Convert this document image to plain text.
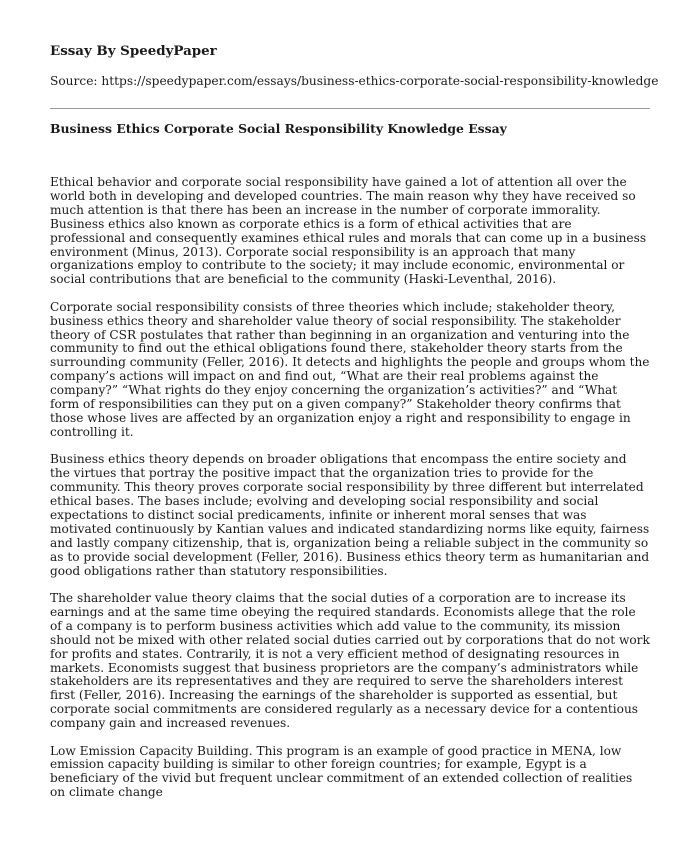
Essay By SpeedyPaper

Source: https://speedypaper.com/essays/business-ethics-corporate-social-responsibility-knowledge

Business Ethics Corporate Social Responsibility Knowledge Essay

Ethical behavior and corporate social responsibility have gained a lot of attention all over the world both in developing and developed countries. The main reason why they have received so much attention is that there has been an increase in the number of corporate immorality. Business ethics also known as corporate ethics is a form of ethical activities that are professional and consequently examines ethical rules and morals that can come up in a business environment (Minus, 2013). Corporate social responsibility is an approach that many organizations employ to contribute to the society; it may include economic, environmental or social contributions that are beneficial to the community (Haski-Leventhal, 2016).

Corporate social responsibility consists of three theories which include; stakeholder theory, business ethics theory and shareholder value theory of social responsibility. The stakeholder theory of CSR postulates that rather than beginning in an organization and venturing into the community to find out the ethical obligations found there, stakeholder theory starts from the surrounding community (Feller, 2016). It detects and highlights the people and groups whom the company’s actions will impact on and find out, “What are their real problems against the company?” “What rights do they enjoy concerning the organization’s activities?” and “What form of responsibilities can they put on a given company?” Stakeholder theory confirms that those whose lives are affected by an organization enjoy a right and responsibility to engage in controlling it.

Business ethics theory depends on broader obligations that encompass the entire society and the virtues that portray the positive impact that the organization tries to provide for the community. This theory proves corporate social responsibility by three different but interrelated ethical bases. The bases include; evolving and developing social responsibility and social expectations to distinct social predicaments, infinite or inherent moral senses that was motivated continuously by Kantian values and indicated standardizing norms like equity, fairness and lastly company citizenship, that is, organization being a reliable subject in the community so as to provide social development (Feller, 2016). Business ethics theory term as humanitarian and good obligations rather than statutory responsibilities.

The shareholder value theory claims that the social duties of a corporation are to increase its earnings and at the same time obeying the required standards. Economists allege that the role of a company is to perform business activities which add value to the community, its mission should not be mixed with other related social duties carried out by corporations that do not work for profits and states. Contrarily, it is not a very efficient method of designating resources in markets. Economists suggest that business proprietors are the company’s administrators while stakeholders are its representatives and they are required to serve the shareholders interest first (Feller, 2016). Increasing the earnings of the shareholder is supported as essential, but corporate social commitments are considered regularly as a necessary device for a contentious company gain and increased revenues.

Low Emission Capacity Building. This program is an example of good practice in MENA, low emission capacity building is similar to other foreign countries; for example, Egypt is a beneficiary of the vivid but frequent unclear commitment of an extended collection of realities on climate change
